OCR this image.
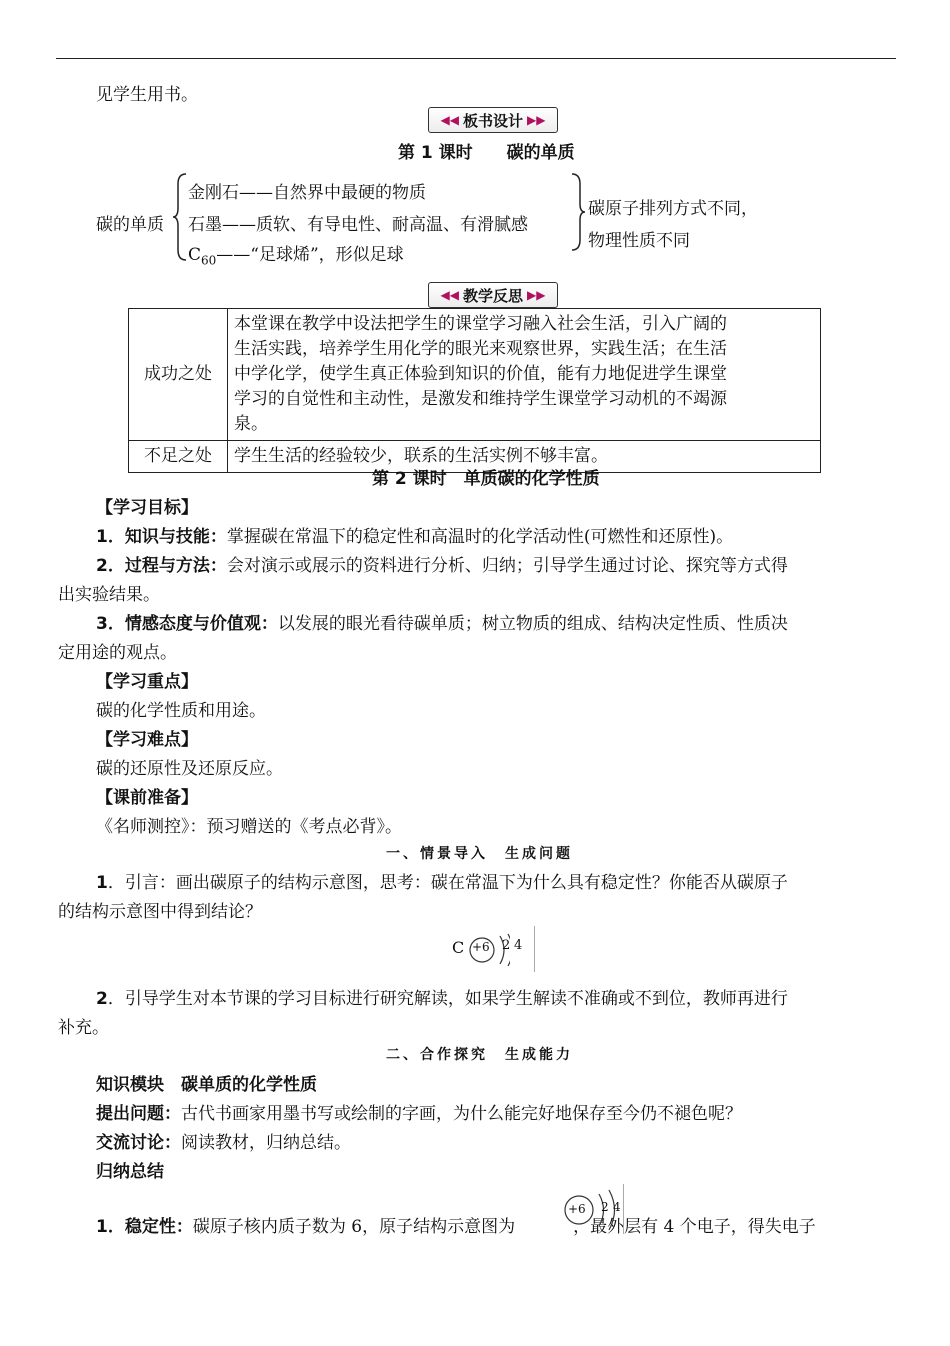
见学生用书。
◀◀ 板书设计 ▶▶
第 1 课时　　碳的单质
碳的单质
金刚石——自然界中最硬的物质
石墨——质软、有导电性、耐高温、有滑腻感
$C_{60}——“$足球烯”，形似足球
碳原子排列方式不同，
物理性质不同
◀◀ 教学反思 ▶▶
成功之处	本堂课在教学中设法把学生的课堂学习融入社会生活，引入广阔的
生活实践，培养学生用化学的眼光来观察世界，实践生活；在生活
中学化学，使学生真正体验到知识的价值，能有力地促进学生课堂
学习的自觉性和主动性，是激发和维持学生课堂学习动机的不竭源
泉。

不足之处	学生生活的经验较少，联系的生活实例不够丰富。
第 2 课时　单质碳的化学性质
【学习目标】
1．知识与技能：掌握碳在常温下的稳定性和高温时的化学活动性(可燃性和还原性)。
2．过程与方法：会对演示或展示的资料进行分析、归纳；引导学生通过讨论、探究等方式得
出实验结果。
3．情感态度与价值观：以发展的眼光看待碳单质；树立物质的组成、结构决定性质、性质决
定用途的观点。
【学习重点】
碳的化学性质和用途。
【学习难点】
碳的还原性及还原反应。
【课前准备】
《名师测控》：预习赠送的《考点必背》。
一、情景导入　生成问题
1．引言：画出碳原子的结构示意图，思考：碳在常温下为什么具有稳定性？你能否从碳原子
的结构示意图中得到结论？
C +6 2 4
2．引导学生对本节课的学习目标进行研究解读，如果学生解读不准确或不到位，教师再进行
补充。
二、合作探究　生成能力
知识模块　碳单质的化学性质
提出问题：古代书画家用墨书写或绘制的字画，为什么能完好地保存至今仍不褪色呢？
交流讨论：阅读教材，归纳总结。
归纳总结
1．稳定性：碳原子核内质子数为 6，原子结构示意图为	，最外层有 4 个电子，得失电子
+6 2 4
